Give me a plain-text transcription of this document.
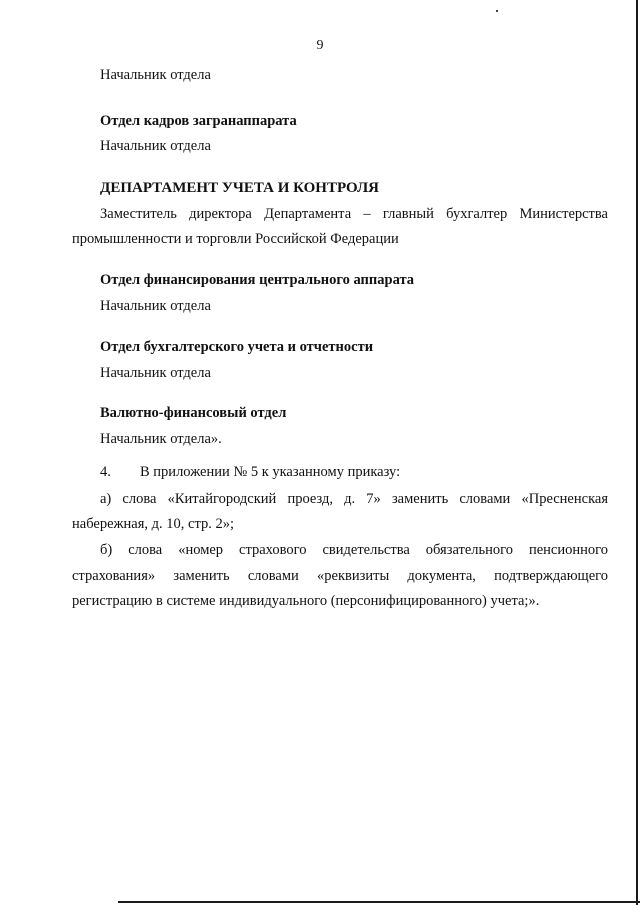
9
Начальник отдела
Отдел кадров загранаппарата
Начальник отдела
ДЕПАРТАМЕНТ УЧЕТА И КОНТРОЛЯ
Заместитель директора Департамента – главный бухгалтер Министерства
промышленности и торговли Российской Федерации
Отдел финансирования центрального аппарата
Начальник отдела
Отдел бухгалтерского учета и отчетности
Начальник отдела
Валютно-финансовый отдел
Начальник отдела».
4. В приложении № 5 к указанному приказу:
а) слова «Китайгородский проезд, д. 7» заменить словами «Пресненская
набережная, д. 10, стр. 2»;
б) слова «номер страхового свидетельства обязательного пенсионного
страхования» заменить словами «реквизиты документа, подтверждающего
регистрацию в системе индивидуального (персонифицированного) учета;».
